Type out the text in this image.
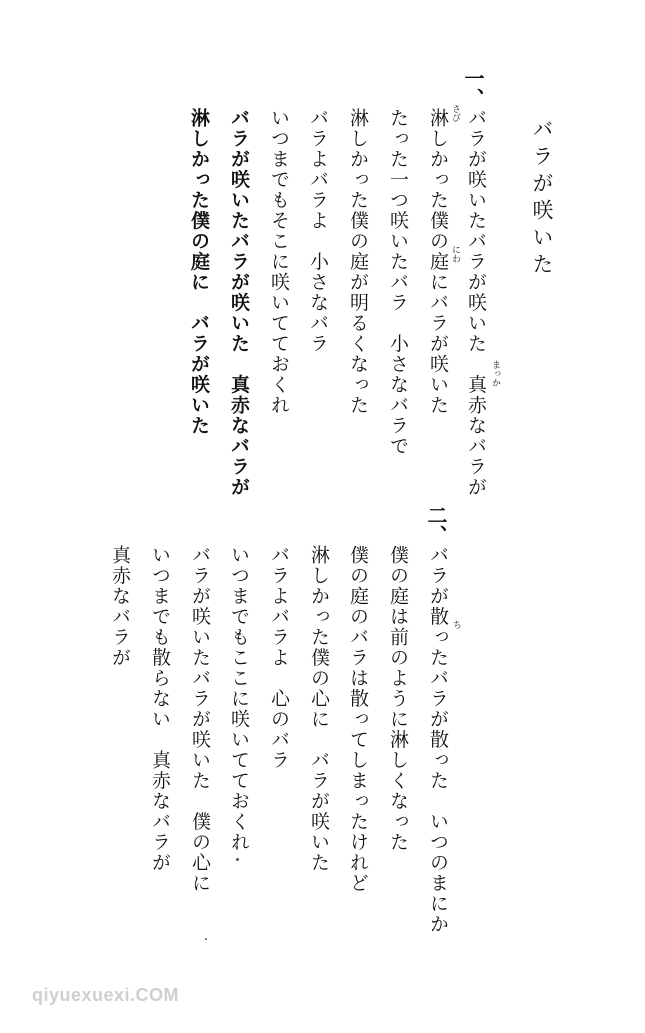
バラが咲いた
一、
バラが咲いたバラが咲いた　真赤なバラが まっか
淋しかった僕の庭にバラが咲いた さび
にわ
たった一つ咲いたバラ　小さなバラで
淋しかった僕の庭が明るくなった
バラよバラよ　小さなバラ
いつまでもそこに咲いてておくれ
バラが咲いたバラが咲いた　真赤なバラが
淋しかった僕の庭に　バラが咲いた
二、
バラが散ったバラが散った　いつのまにか ち
僕の庭は前のように淋しくなった
僕の庭のバラは散ってしまったけれど
淋しかった僕の心に　バラが咲いた
バラよバラよ　心のバラ
いつまでもここに咲いてておくれ
バラが咲いたバラが咲いた　僕の心に
いつまでも散らない　真赤なバラが
真赤なバラが
qiyuexuexi.COM
